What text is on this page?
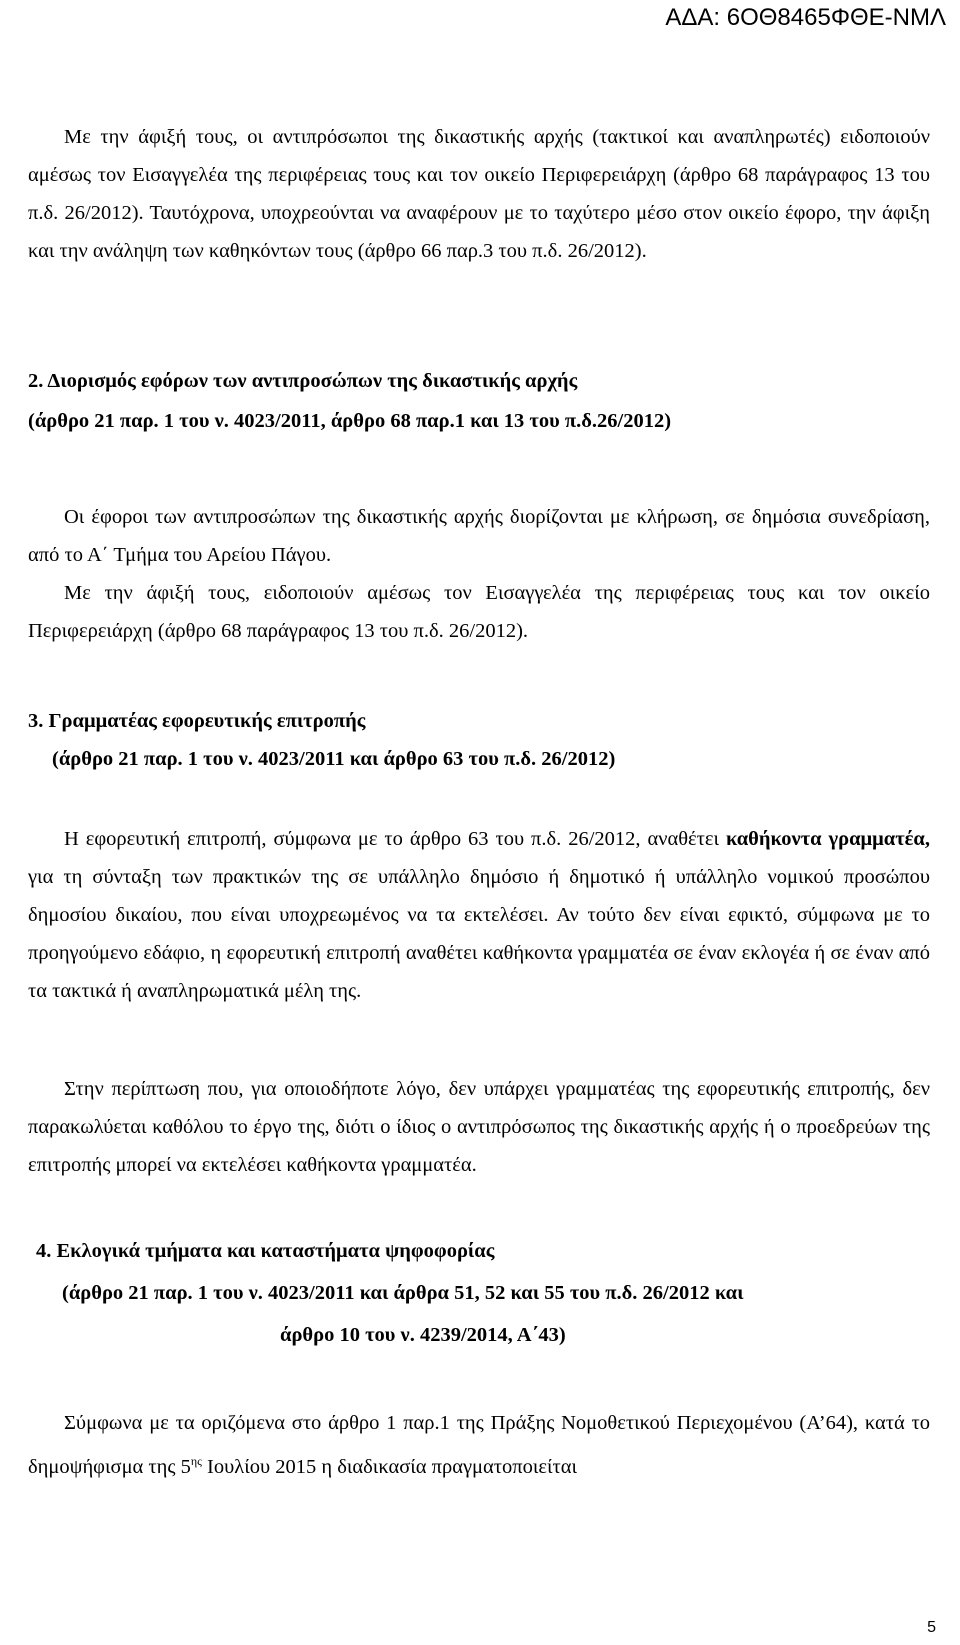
ΑΔΑ: 6ΟΘ8465ΦΘΕ-ΝΜΛ
Με την άφιξή τους, οι αντιπρόσωποι της δικαστικής αρχής (τακτικοί και αναπληρωτές) ειδοποιούν αμέσως τον Εισαγγελέα της περιφέρειας τους και τον οικείο Περιφερειάρχη (άρθρο 68 παράγραφος 13 του π.δ. 26/2012). Ταυτόχρονα, υποχρεούνται να αναφέρουν με το ταχύτερο μέσο στον οικείο έφορο, την άφιξη και την ανάληψη των καθηκόντων τους (άρθρο 66 παρ.3 του π.δ. 26/2012).
2. Διορισμός εφόρων των αντιπροσώπων της δικαστικής αρχής
(άρθρο 21 παρ. 1 του ν. 4023/2011, άρθρο 68 παρ.1 και 13 του π.δ.26/2012)
Οι έφοροι των αντιπροσώπων της δικαστικής αρχής διορίζονται με κλήρωση, σε δημόσια συνεδρίαση, από το Α΄ Τμήμα του Αρείου Πάγου.
Με την άφιξή τους, ειδοποιούν αμέσως τον Εισαγγελέα της περιφέρειας τους και τον οικείο Περιφερειάρχη (άρθρο 68 παράγραφος 13 του π.δ. 26/2012).
3. Γραμματέας εφορευτικής επιτροπής
(άρθρο 21 παρ. 1 του ν. 4023/2011 και άρθρο 63 του π.δ. 26/2012)
Η εφορευτική επιτροπή, σύμφωνα με το άρθρο 63 του π.δ. 26/2012, αναθέτει καθήκοντα γραμματέα, για τη σύνταξη των πρακτικών της σε υπάλληλο δημόσιο ή δημοτικό ή υπάλληλο νομικού προσώπου δημοσίου δικαίου, που είναι υποχρεωμένος να τα εκτελέσει. Αν τούτο δεν είναι εφικτό, σύμφωνα με το προηγούμενο εδάφιο, η εφορευτική επιτροπή αναθέτει καθήκοντα γραμματέα σε έναν εκλογέα ή σε έναν από τα τακτικά ή αναπληρωματικά μέλη της.
Στην περίπτωση που, για οποιοδήποτε λόγο, δεν υπάρχει γραμματέας της εφορευτικής επιτροπής, δεν παρακωλύεται καθόλου το έργο της, διότι ο ίδιος ο αντιπρόσωπος της δικαστικής αρχής ή ο προεδρεύων της επιτροπής μπορεί να εκτελέσει καθήκοντα γραμματέα.
4. Εκλογικά τμήματα και καταστήματα ψηφοφορίας
(άρθρο 21 παρ. 1 του ν. 4023/2011 και άρθρα 51, 52 και 55 του π.δ. 26/2012 και
άρθρο 10 του ν. 4239/2014, Α΄43)
Σύμφωνα με τα οριζόμενα στο άρθρο 1 παρ.1 της Πράξης Νομοθετικού Περιεχομένου (Α’64), κατά το δημοψήφισμα της $5^{\eta\varsigma}$ Ιουλίου 2015 η διαδικασία πραγματοποιείται
5
